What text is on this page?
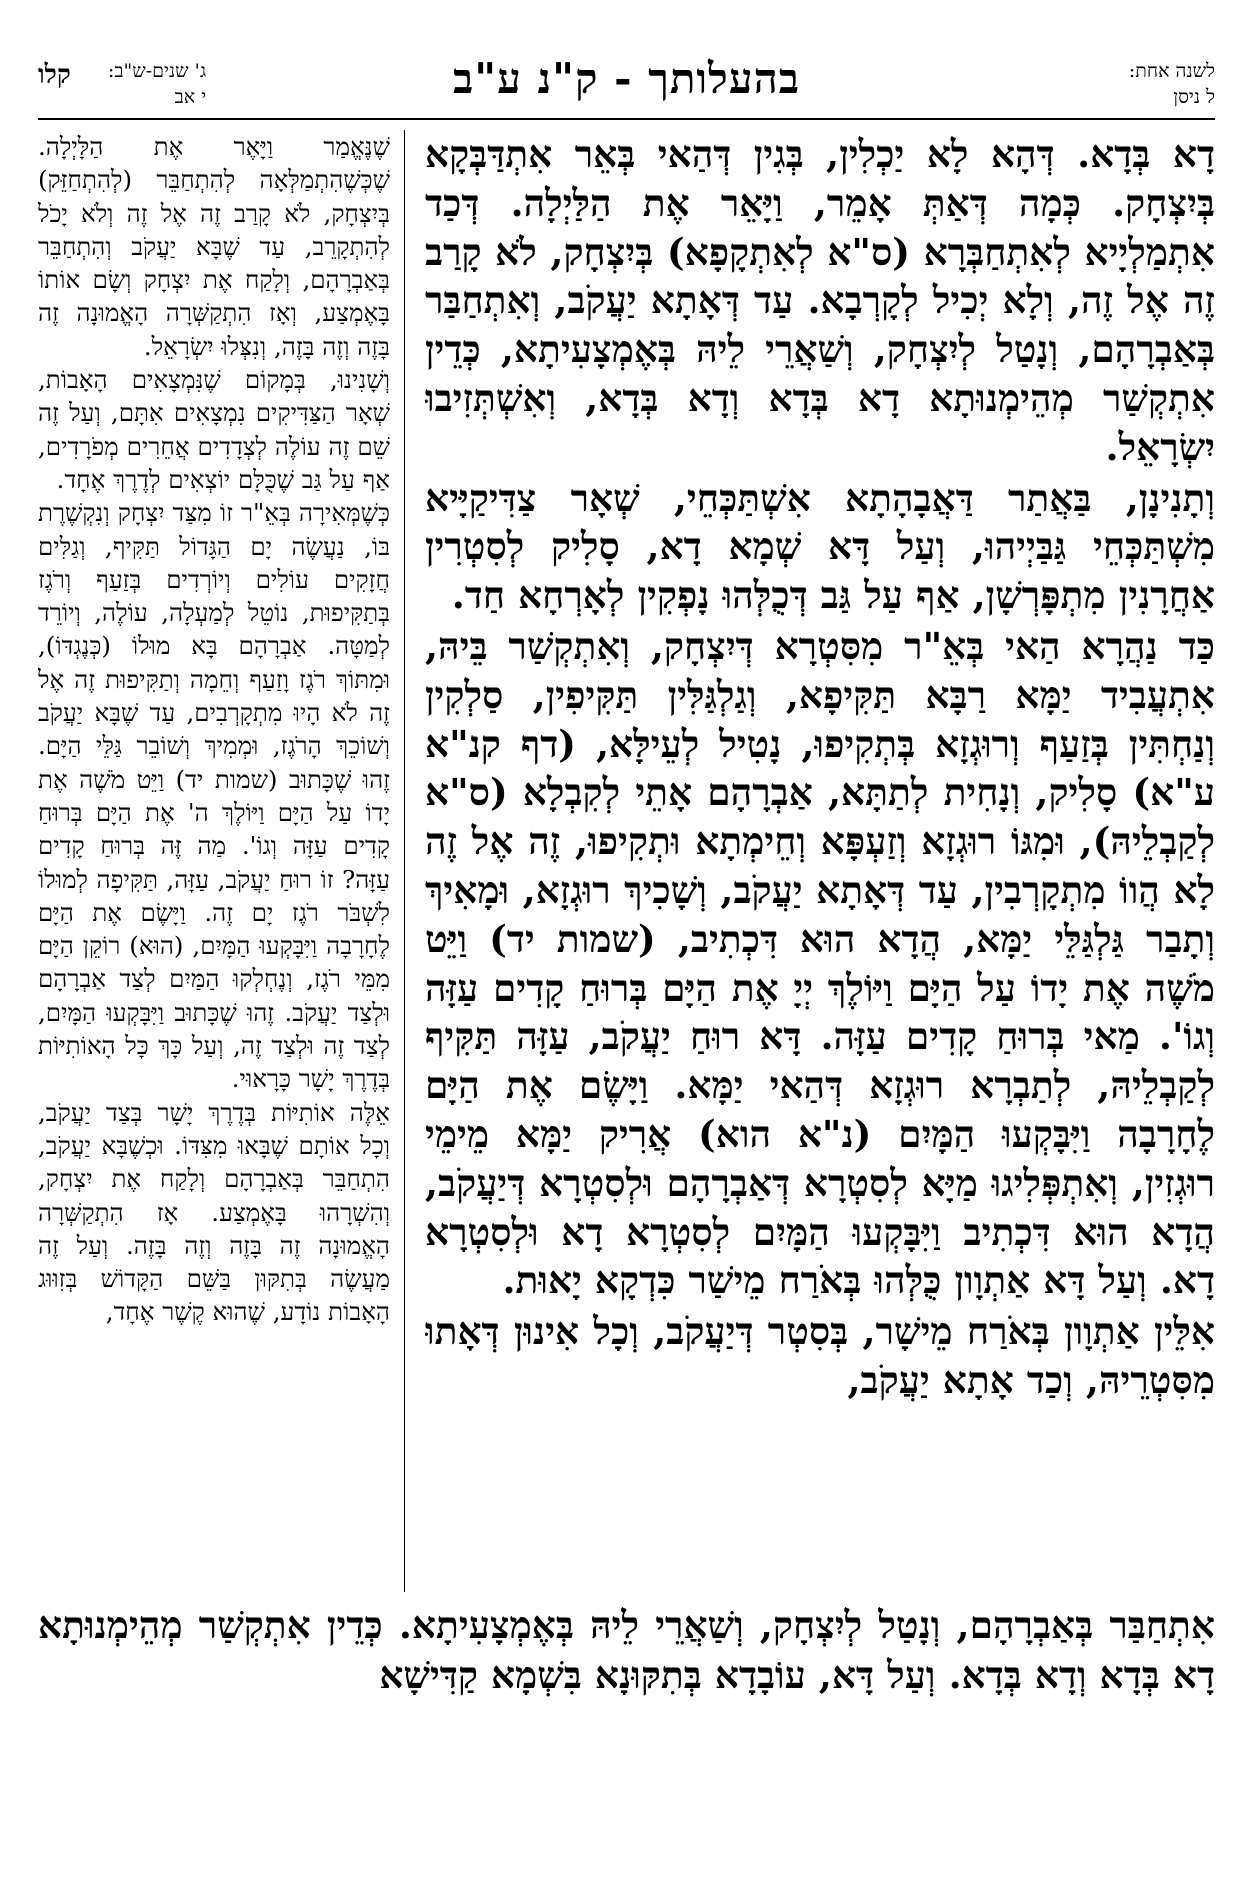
לשנה אחת:
ל ניסן
בהעלותך - ק"נ ע"ב
ג' שנים-ש"ב:
י אב
קלו

דָא בְּדָא. דְּהָא לָא יַכְלִין, בְּגִין דְּהַאי בְּאֵר אִתְדַּבְּקָא בְּיִצְחָק. כְּמָה דְּאַתְּ אָמֵר, וַיָּאֵר אֶת הַלַּיְלָה. דְּכַד אִתְמַלְיָיא לְאִתְחַבְּרָא (ס"א לְאִתְקָפָא) בְּיִצְחָק, לֹא קָרַב זֶה אֶל זֶה, וְלָא יְכִיל לְקָרְבָא. עַד דְּאָתָא יַעֲקֹב, וְאִתְחַבַּר בְּאַבְרָהָם, וְנָטַל לְיִצְחָק, וְשַׁאֲרֵי לֵיהּ בְּאֶמְצָעִיתָא, כְּדֵין אִתְקְשַׁר מְהֵימְנוּתָא דָא בְּדָא וְדָא בְּדָא, וְאִשְׁתְּזִיבוּ יִשְׂרָאֵל.

וְתָנִינָן, בַּאֲתַר דַּאֲבָהָתָא אִשְׁתַּכְּחֵי, שְׁאָר צַדִּיקַיָּיא מִשְׁתַּכְּחֵי גַּבַּיְיהוּ, וְעַל דָּא שְׁמָא דָא, סָלִיק לְסִטְרִין אַחֲרָנִין מִתְפָּרְשָׁן, אַף עַל גַּב דְּכֻלְּהוּ נָפְקִין לְאָרְחָא חַד.

כַּד נַהֲרָא הַאי בְּאֵ"ר מִסִּטְרָא דְּיִצְחָק, וְאִתְקְשַׁר בֵּיהּ, אִתְעֲבִיד יַמָּא רַבָּא תַּקִּיפָא, וְגַלְגַּלִּין תַּקִּיפִין, סַלְקִין וְנַחְתִּין בְּזַעַף וְרוּגְזָא בְּתְקִיפוּ, נָטִיל לְעֵילָּא, (דף קנ"א ע"א) סָלִיק, וְנָחִית לְתַתָּא, אַבְרָהָם אָתֵי לְקִבְלָא (ס"א לְקַבְלֵיהּ), וּמִגּוֹ רוּגְזָא וְזַעְפָּא וְחֵימְתָא וּתְקִיפוּ, זֶה אֶל זֶה לָא הֲווֹ מִתְקָרְבִין, עַד דְּאָתָא יַעֲקֹב, וְשָׁכִיךְ רוּגְזָא, וּמָאִיךְ וְתָבַר גַּלְגַּלֵּי יַמָּא, הֲדָא הוּא דִּכְתִיב, (שמות יד) וַיֵּט מֹשֶׁה אֶת יָדוֹ עַל הַיָּם וַיּוֹלֶךְ יְיָ אֶת הַיָּם בְּרוּחַ קָדִים עַזָּה וְגוֹ'. מַאי בְּרוּחַ קָדִים עַזָּה. דָּא רוּחַ יַעֲקֹב, עַזָּה תַּקִּיף לְקַבְלֵיהּ, לְתַבְרָא רוּגְזָא דְּהַאי יַמָּא. וַיָּשֶׂם אֶת הַיָּם לֶחָרָבָה וַיִּבָּקְעוּ הַמָּיִם (נ"א הוא) אֲרִיק יַמָּא מֵימֵי רוּגְזִין, וְאִתְפְּלִיגוּ מַיָּא לְסִטְרָא דְּאַבְרָהָם וּלְסִטְרָא דְּיַעֲקֹב, הֲדָא הוּא דִּכְתִיב וַיִּבָּקְעוּ הַמָּיִם לְסִטְרָא דָא וּלְסִטְרָא דָא. וְעַל דָּא אַתְוָון כֻּלְּהוּ בְּאֹרַח מֵישַׁר כִּדְקָא יָאוּת.

אִלֵּין אַתְוָון בְּאֹרַח מֵישָׁר, בְּסִטְר דְּיַעֲקֹב, וְכָל אִינוּן דְּאָתוּ מִסִּטְרֵיהּ, וְכַד אָתָא יַעֲקֹב,

שֶׁנֶּאֱמַר וַיָּאֶר אֶת הַלָּיְלָה. שֶׁכְּשֶׁהִתְמַלְּאָה לְהִתְחַבֵּר (לְהִתְחַזֵּק) בְּיִצְחָק, לֹא קָרַב זֶה אֶל זֶה וְלֹא יָכֹל לְהִתְקָרֵב, עַד שֶׁבָּא יַעֲקֹב וְהִתְחַבֵּר בְּאַבְרָהָם, וְלָקַח אֶת יִצְחָק וְשָׂם אוֹתוֹ בָּאֶמְצַע, וְאָז הִתְקַשְּׁרָה הָאֱמוּנָה זֶה בָּזֶה וְזֶה בָּזֶה, וְנִצְּלוּ יִשְׂרָאֵל.

וְשָׁנִינוּ, בְּמָקוֹם שֶׁנִּמְצָאִים הָאָבוֹת, שְׁאָר הַצַּדִּיקִים נִמְצָאִים אִתָּם, וְעַל זֶה שֵׁם זֶה עוֹלֶה לְצְדָדִים אֲחֵרִים מְפֹרָדִים, אַף עַל גַּב שֶׁכֻּלָּם יוֹצְאִים לְדֶרֶךְ אֶחָד.

כְּשֶׁמְּאִירָה בְּאֵ"ר זוֹ מִצַּד יִצְחָק וְנִקְשֶׁרֶת בּוֹ, נַעֲשֶׂה יָם הַגָּדוֹל תַּקִּיף, וְגַלִּים חֲזָקִים עוֹלִים וְיוֹרְדִים בְּזַעַף וְרֹגֶז בְּתַקִּיפוּת, נוֹטֵל לְמַעְלָה, עוֹלֶה, וְיוֹרֵד לְמַטָּה. אַבְרָהָם בָּא מוּלוֹ (כְּנֶגְדּוֹ), וּמִתּוֹךְ רֹגֶז וָזַעַף וְחֵמָה וְתַקִּיפוּת זֶה אֶל זֶה לֹא הָיוּ מִתְקָרְבִים, עַד שֶׁבָּא יַעֲקֹב וְשׁוֹכֵךְ הָרֹגֶז, וּמְמִיךְ וְשׁוֹבֵר גַּלֵּי הַיָּם. זֶהוּ שֶׁכָּתוּב (שמות יד) וַיֵּט מֹשֶׁה אֶת יָדוֹ עַל הַיָּם וַיּוֹלֶךְ ה' אֶת הַיָּם בְּרוּחַ קָדִים עַזָּה וְגוֹ'. מַה זֶּה בְּרוּחַ קָדִים עַזָּה? זוֹ רוּחַ יַעֲקֹב, עַזָּה, תַּקִּיפָה לְמוּלוֹ לִשְׁבֹּר רֹגֶז יָם זֶה. וַיָּשֶׂם אֶת הַיָּם לֶחָרָבָה וַיִּבָּקְעוּ הַמָּיִם, (הוּא) רוֹקֵן הַיָּם מִמֵּי רֹגֶז, וְנֶחְלְקוּ הַמַּיִם לְצַד אַבְרָהָם וּלְצַד יַעֲקֹב. זֶהוּ שֶׁכָּתוּב וַיִּבָּקְעוּ הַמָּיִם, לְצַד זֶה וּלְצַד זֶה, וְעַל כָּךְ כָּל הָאוֹתִיּוֹת בְּדֶרֶךְ יָשָׁר כָּרָאוּי.

אֵלֶּה אוֹתִיּוֹת בְּדֶרֶךְ יָשָׁר בְּצַד יַעֲקֹב, וְכָל אוֹתָם שֶׁבָּאוּ מִצִּדּוֹ. וּכְשֶׁבָּא יַעֲקֹב, הִתְחַבֵּר בְּאַבְרָהָם וְלָקַח אֶת יִצְחָק, וְהִשְׁרָהוּ בָּאֶמְצַע. אָז הִתְקַשְּׁרָה הָאֱמוּנָה זֶה בָּזֶה וְזֶה בָּזֶה. וְעַל זֶה מַעֲשֶׂה בְּתִקּוּן בַּשֵּׁם הַקָּדוֹשׁ בְּזִוּוּג הָאָבוֹת נוֹדָע, שֶׁהוּא קֶשֶׁר אֶחָד,

אִתְחַבַּר בְּאַבְרָהָם, וְנָטַל לְיִצְחָק, וְשַׁאֲרֵי לֵיהּ בְּאֶמְצָעִיתָא. כְּדֵין אִתְקְשַׁר מְהֵימְנוּתָא דָא בְּדָא וְדָא בְּדָא. וְעַל דָּא, עוֹבָדָא בְּתִקּוּנָא בִּשְׁמָא קַדִּישָׁא
